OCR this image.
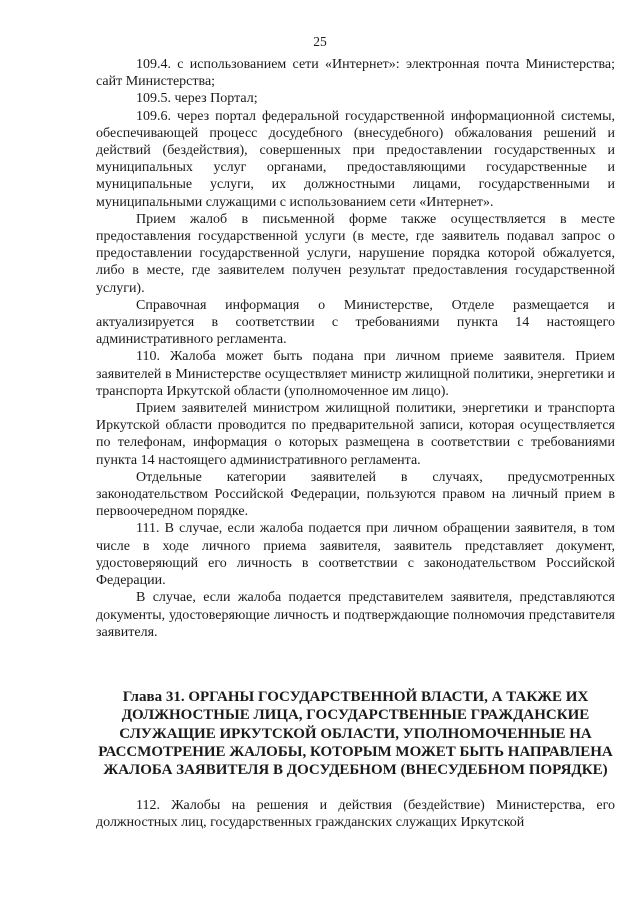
25

109.4. с использованием сети «Интернет»: электронная почта Министерства; сайт Министерства;

109.5. через Портал;

109.6. через портал федеральной государственной информационной системы, обеспечивающей процесс досудебного (внесудебного) обжалования решений и действий (бездействия), совершенных при предоставлении государственных и муниципальных услуг органами, предоставляющими государственные и муниципальные услуги, их должностными лицами, государственными и муниципальными служащими с использованием сети «Интернет».

Прием жалоб в письменной форме также осуществляется в месте предоставления государственной услуги (в месте, где заявитель подавал запрос о предоставлении государственной услуги, нарушение порядка которой обжалуется, либо в месте, где заявителем получен результат предоставления государственной услуги).

Справочная информация о Министерстве, Отделе размещается и актуализируется в соответствии с требованиями пункта 14 настоящего административного регламента.

110. Жалоба может быть подана при личном приеме заявителя. Прием заявителей в Министерстве осуществляет министр жилищной политики, энергетики и транспорта Иркутской области (уполномоченное им лицо).

Прием заявителей министром жилищной политики, энергетики и транспорта Иркутской области проводится по предварительной записи, которая осуществляется по телефонам, информация о которых размещена в соответствии с требованиями пункта 14 настоящего административного регламента.

Отдельные категории заявителей в случаях, предусмотренных законодательством Российской Федерации, пользуются правом на личный прием в первоочередном порядке.

111. В случае, если жалоба подается при личном обращении заявителя, в том числе в ходе личного приема заявителя, заявитель представляет документ, удостоверяющий его личность в соответствии с законодательством Российской Федерации.

В случае, если жалоба подается представителем заявителя, представляются документы, удостоверяющие личность и подтверждающие полномочия представителя заявителя.

Глава 31. ОРГАНЫ ГОСУДАРСТВЕННОЙ ВЛАСТИ, А ТАКЖЕ ИХ ДОЛЖНОСТНЫЕ ЛИЦА, ГОСУДАРСТВЕННЫЕ ГРАЖДАНСКИЕ СЛУЖАЩИЕ ИРКУТСКОЙ ОБЛАСТИ, УПОЛНОМОЧЕННЫЕ НА РАССМОТРЕНИЕ ЖАЛОБЫ, КОТОРЫМ МОЖЕТ БЫТЬ НАПРАВЛЕНА ЖАЛОБА ЗАЯВИТЕЛЯ В ДОСУДЕБНОМ (ВНЕСУДЕБНОМ ПОРЯДКЕ)

112. Жалобы на решения и действия (бездействие) Министерства, его должностных лиц, государственных гражданских служащих Иркутской
